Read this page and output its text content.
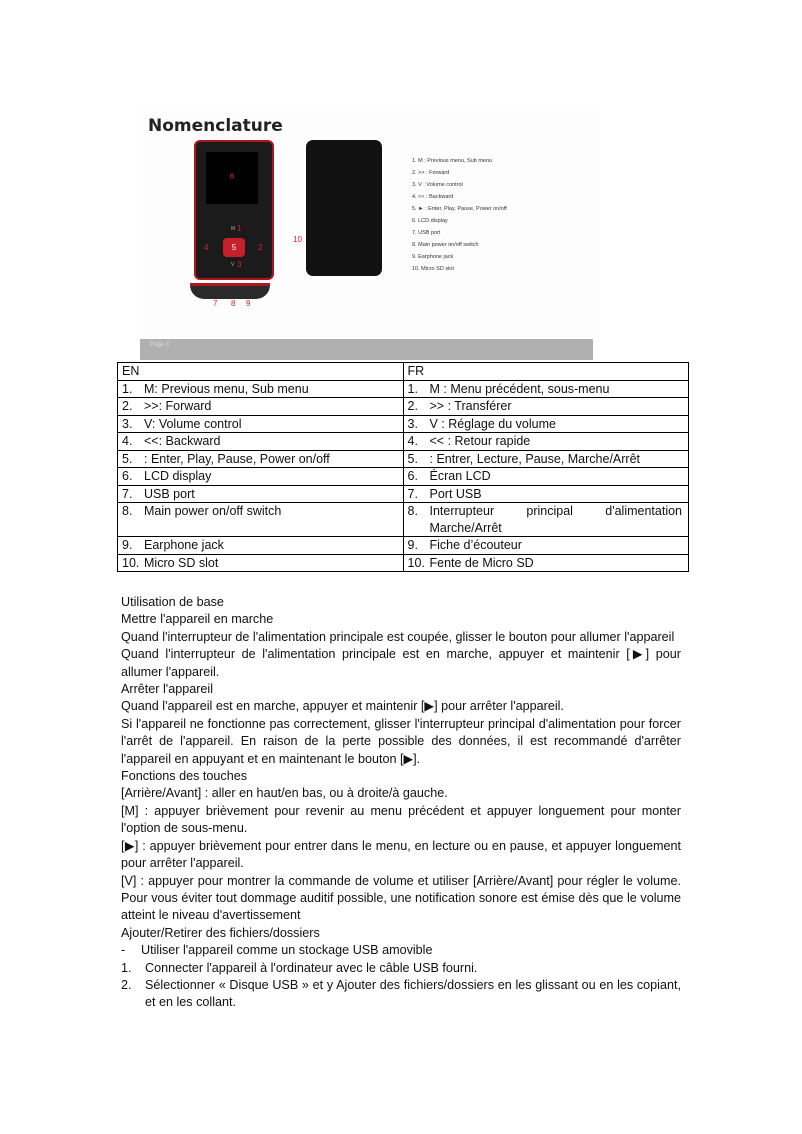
Nomenclature
6
M 1
5	2
V 3
4
10
7 8 9
1. M : Previous menu, Sub menu
2. >> : Forward
3. V : Volume control
4. << : Backward
5. ► : Enter, Play, Pause, Power on/off
6. LCD display
7. USB port
8. Main power on/off switch
9. Earphone jack
10. Micro SD slot
Page 3
EN	FR
1. M: Previous menu, Sub menu	1. M : Menu précédent, sous-menu
2. >>: Forward	2. >> : Transférer
3. V: Volume control	3. V : Réglage du volume
4. <<: Backward	4. << : Retour rapide
5. : Enter, Play, Pause, Power on/off	5.: Entrer, Lecture, Pause, Marche/Arrêt
6. LCD display	6. Écran LCD
7. USB port	7. Port USB
8. Main power on/off switch	8. Interrupteur principal d'alimentation Marche/Arrêt
9. Earphone jack	9. Fiche d’écouteur
10. Micro SD slot	10. Fente de Micro SD

Utilisation de base

Mettre l'appareil en marche

Quand l'interrupteur de l'alimentation principale est coupée, glisser le bouton pour allumer l'appareil

Quand l'interrupteur de l'alimentation principale est en marche, appuyer et maintenir [▶] pour allumer l'appareil.

Arrêter l'appareil

Quand l'appareil est en marche, appuyer et maintenir [▶] pour arrêter l'appareil.

Si l'appareil ne fonctionne pas correctement, glisser l'interrupteur principal d'alimentation pour forcer l'arrêt de l'appareil. En raison de la perte possible des données, il est recommandé d'arrêter l'appareil en appuyant et en maintenant le bouton [▶].

Fonctions des touches

[Arrière/Avant] : aller en haut/en bas, ou à droite/à gauche.

[M] : appuyer brièvement pour revenir au menu précédent et appuyer longuement pour monter l'option de sous-menu.

[▶] : appuyer brièvement pour entrer dans le menu, en lecture ou en pause, et appuyer longuement pour arrêter l'appareil.

[V] : appuyer pour montrer la commande de volume et utiliser [Arrière/Avant] pour régler le volume. Pour vous éviter tout dommage auditif possible, une notification sonore est émise dès que le volume atteint le niveau d'avertissement

Ajouter/Retirer des fichiers/dossiers

-	Utiliser l'appareil comme un stockage USB amovible
1.	Connecter l'appareil à l'ordinateur avec le câble USB fourni.

2.	Sélectionner « Disque USB » et y Ajouter des fichiers/dossiers en les glissant ou en les copiant, et en les collant.
